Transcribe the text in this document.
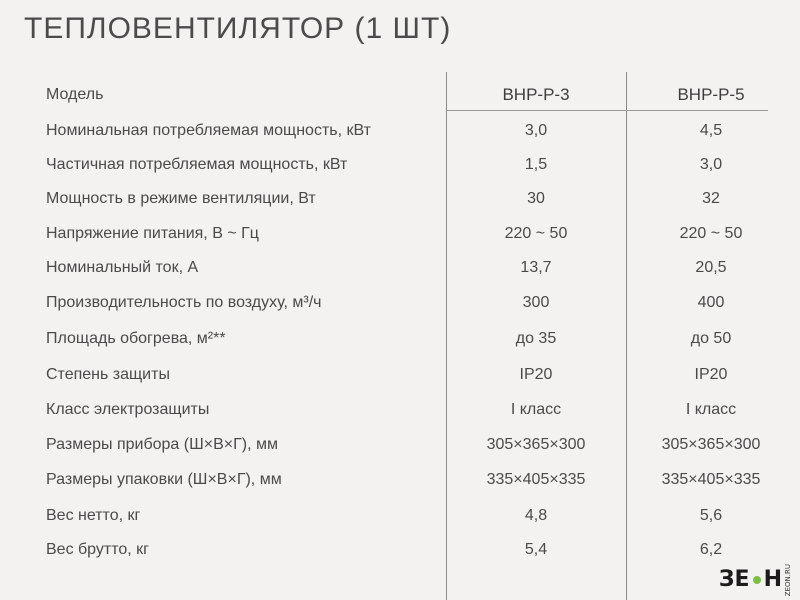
ТЕПЛОВЕНТИЛЯТОР (1 ШТ)
Модель	ВНР-Р-3	ВНР-Р-5
Номинальная потребляемая мощность, кВт	3,0	4,5
Частичная потребляемая мощность, кВт	1,5	3,0
Мощность в режиме вентиляции, Вт	30	32
Напряжение питания, В ~ Гц	220 ~ 50	220 ~ 50
Номинальный ток, А	13,7	20,5
Производительность по воздуху, м³/ч	300	400
Площадь обогрева, м²**	до 35	до 50
Степень защиты	IP20	IP20
Класс электрозащиты	I класс	I класс
Размеры прибора (Ш×В×Г), мм	305×365×300	305×365×300
Размеры упаковки (Ш×В×Г), мм	335×405×335	335×405×335
Вес нетто, кг	4,8	5,6
Вес брутто, кг	5,4	6,2
ЗЕ Н ZEON.RU
